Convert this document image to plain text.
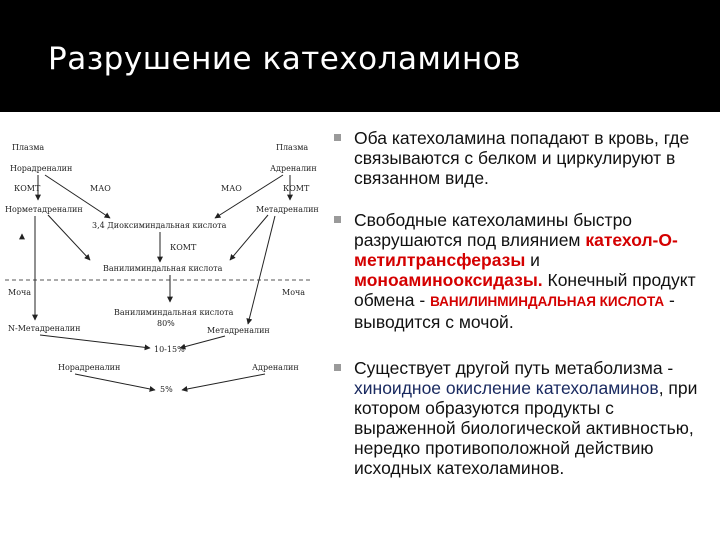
Разрушение катехоламинов
Плазма	Плазма
Норадреналин	Адреналин
КОМТ	МАО	МАО	КОМТ
Норметадреналин	Метадреналин
3,4 Диоксиминдальная кислота
КОМТ
Ванилиминдальная кислота
Моча	Моча
Ванилиминдальная кислота
80%
N-Метадреналин	Метадреналин
10-15%
Норадреналин	Адреналин
5%
Оба катехоламина попадают в кровь, где связываются с белком и циркулируют в связанном виде.
Свободные катехоламины быстро разрушаются под влиянием катехол-О-метилтрансферазы и моноаминооксидазы. Конечный продукт обмена - ВАНИЛИНМИНДАЛЬНАЯ КИСЛОТА - выводится с мочой.
Существует другой путь метаболизма - хиноидное окисление катехоламинов, при котором образуются продукты с выраженной биологической активностью, нередко противоположной действию исходных катехоламинов.
